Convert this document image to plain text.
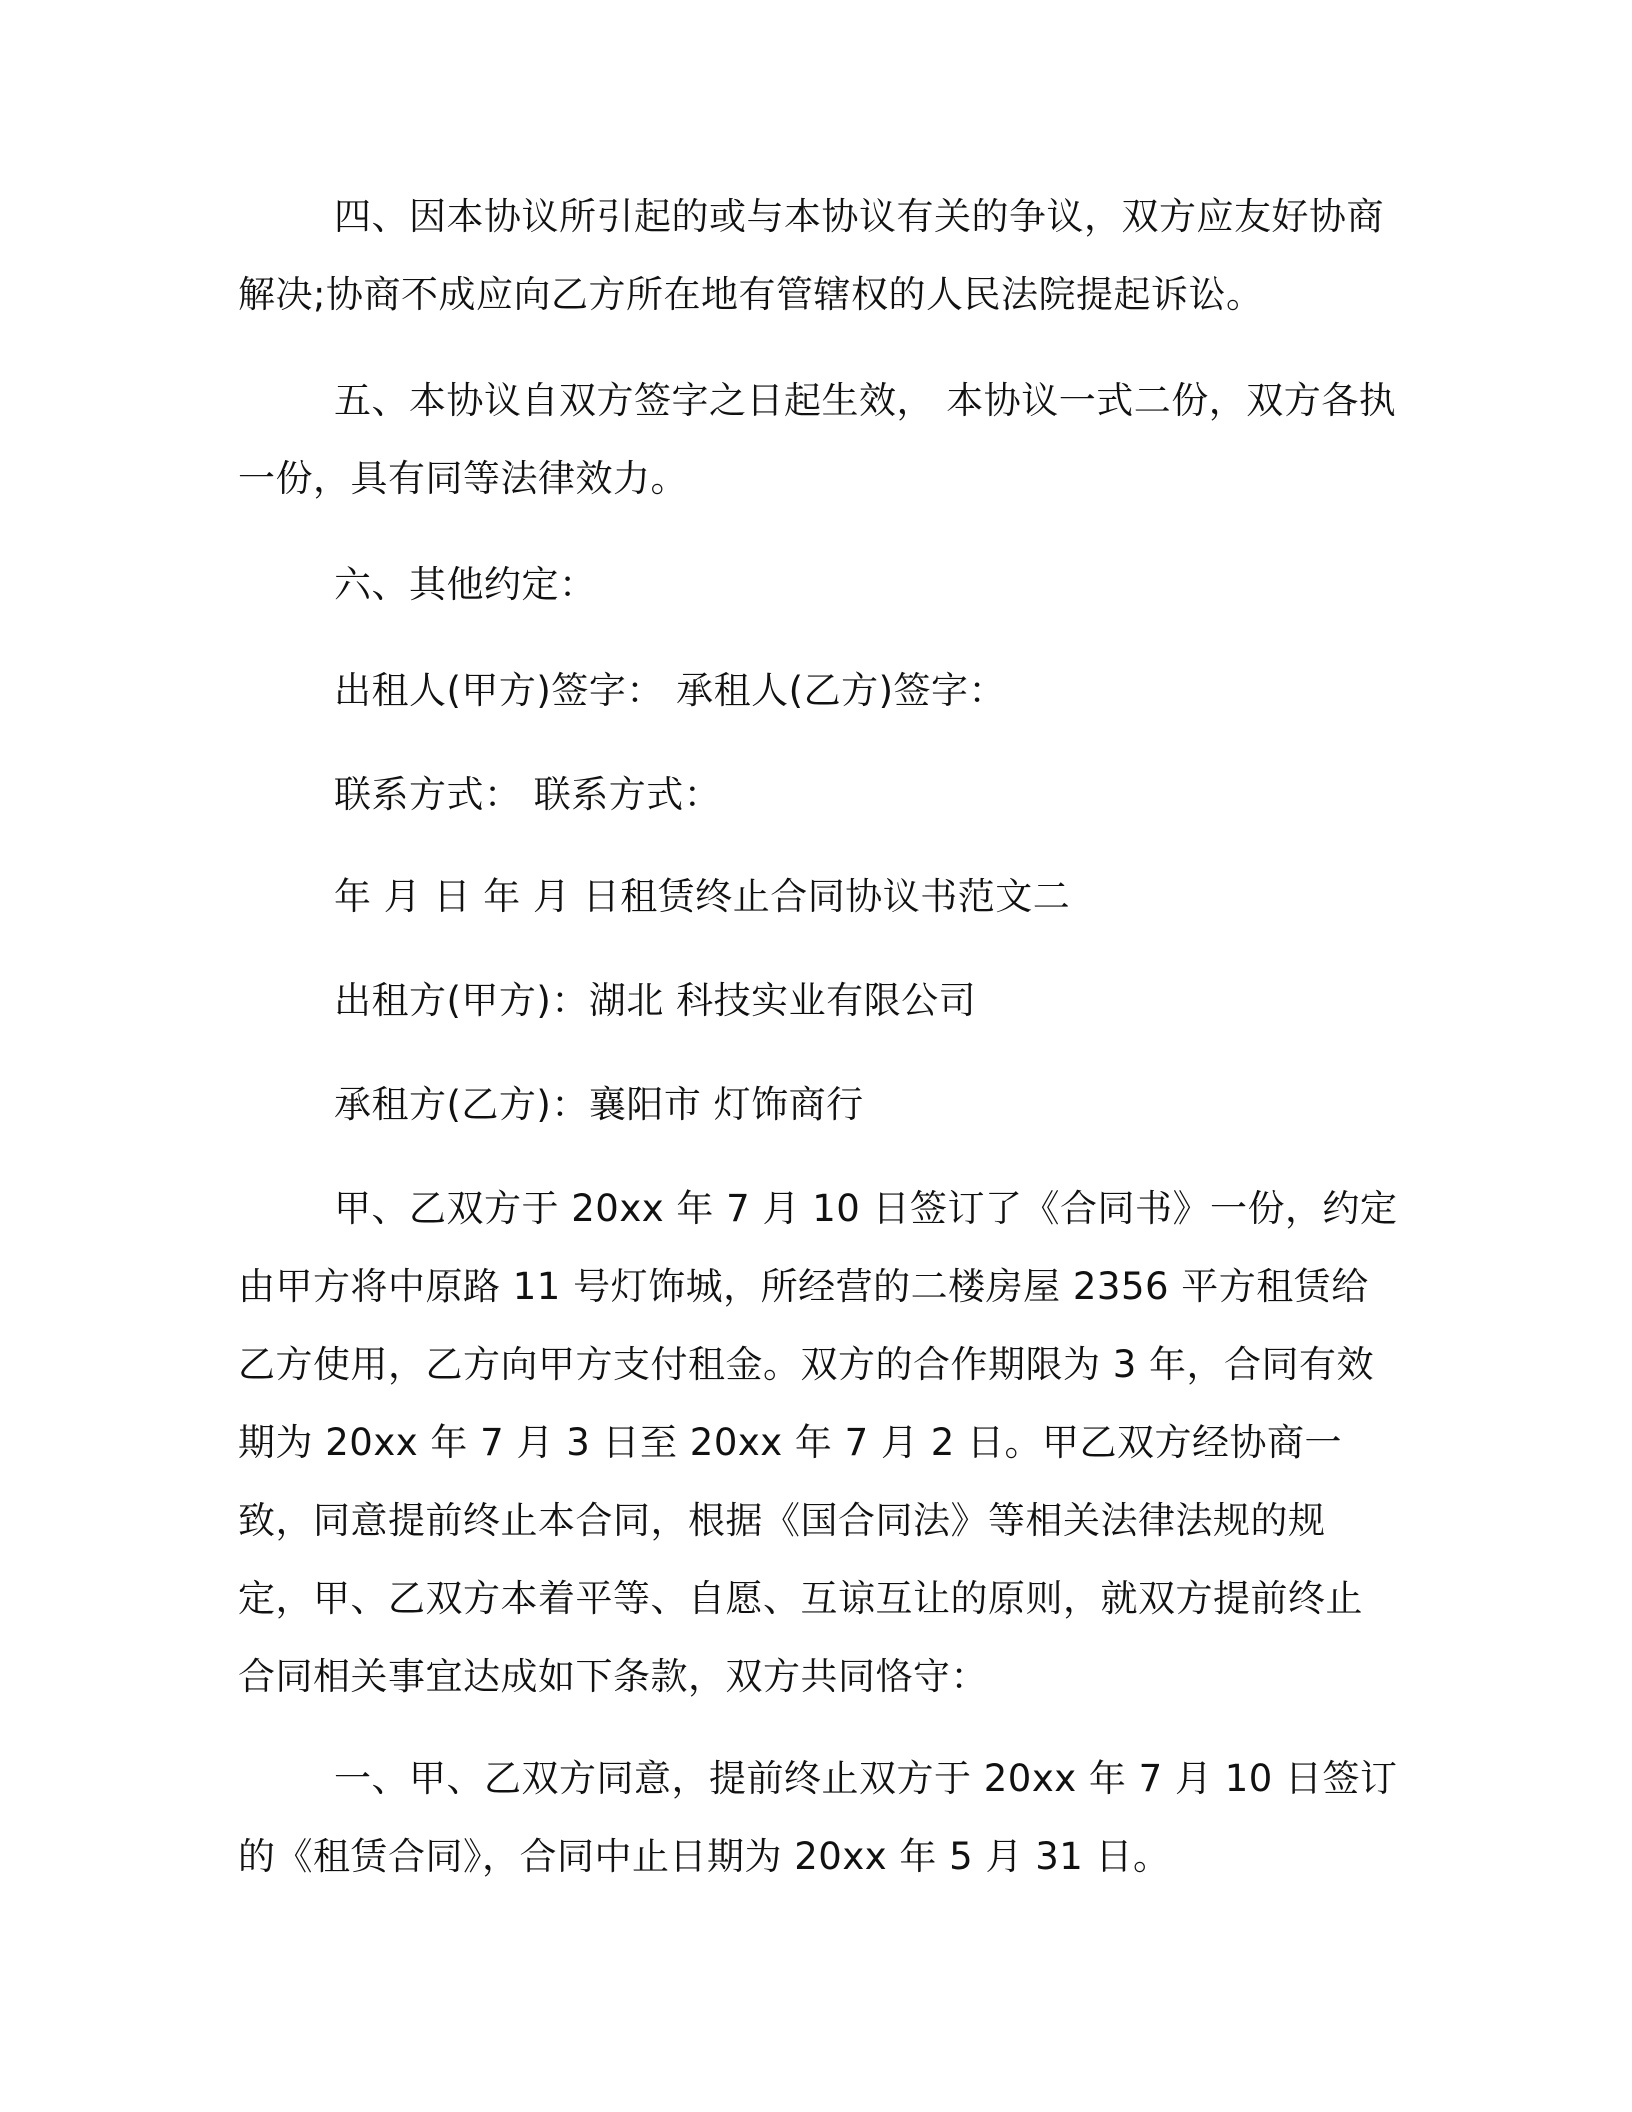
四、因本协议所引起的或与本协议有关的争议，双方应友好协商解决;协商不成应向乙方所在地有管辖权的人民法院提起诉讼。

五、本协议自双方签字之日起生效， 本协议一式二份，双方各执一份，具有同等法律效力。

六、其他约定：

出租人(甲方)签字： 承租人(乙方)签字：

联系方式： 联系方式：

年 月 日 年 月 日租赁终止合同协议书范文二

出租方(甲方)：湖北 科技实业有限公司

承租方(乙方)：襄阳市 灯饰商行

甲、乙双方于 20xx 年 7 月 10 日签订了《合同书》一份，约定由甲方将中原路 11 号灯饰城，所经营的二楼房屋 2356 平方租赁给乙方使用，乙方向甲方支付租金。双方的合作期限为 3 年，合同有效期为 20xx 年 7 月 3 日至 20xx 年 7 月 2 日。甲乙双方经协商一致，同意提前终止本合同，根据《国合同法》等相关法律法规的规定，甲、乙双方本着平等、自愿、互谅互让的原则，就双方提前终止合同相关事宜达成如下条款，双方共同恪守：

一、甲、乙双方同意，提前终止双方于 20xx 年 7 月 10 日签订的《租赁合同》，合同中止日期为 20xx 年 5 月 31 日。
